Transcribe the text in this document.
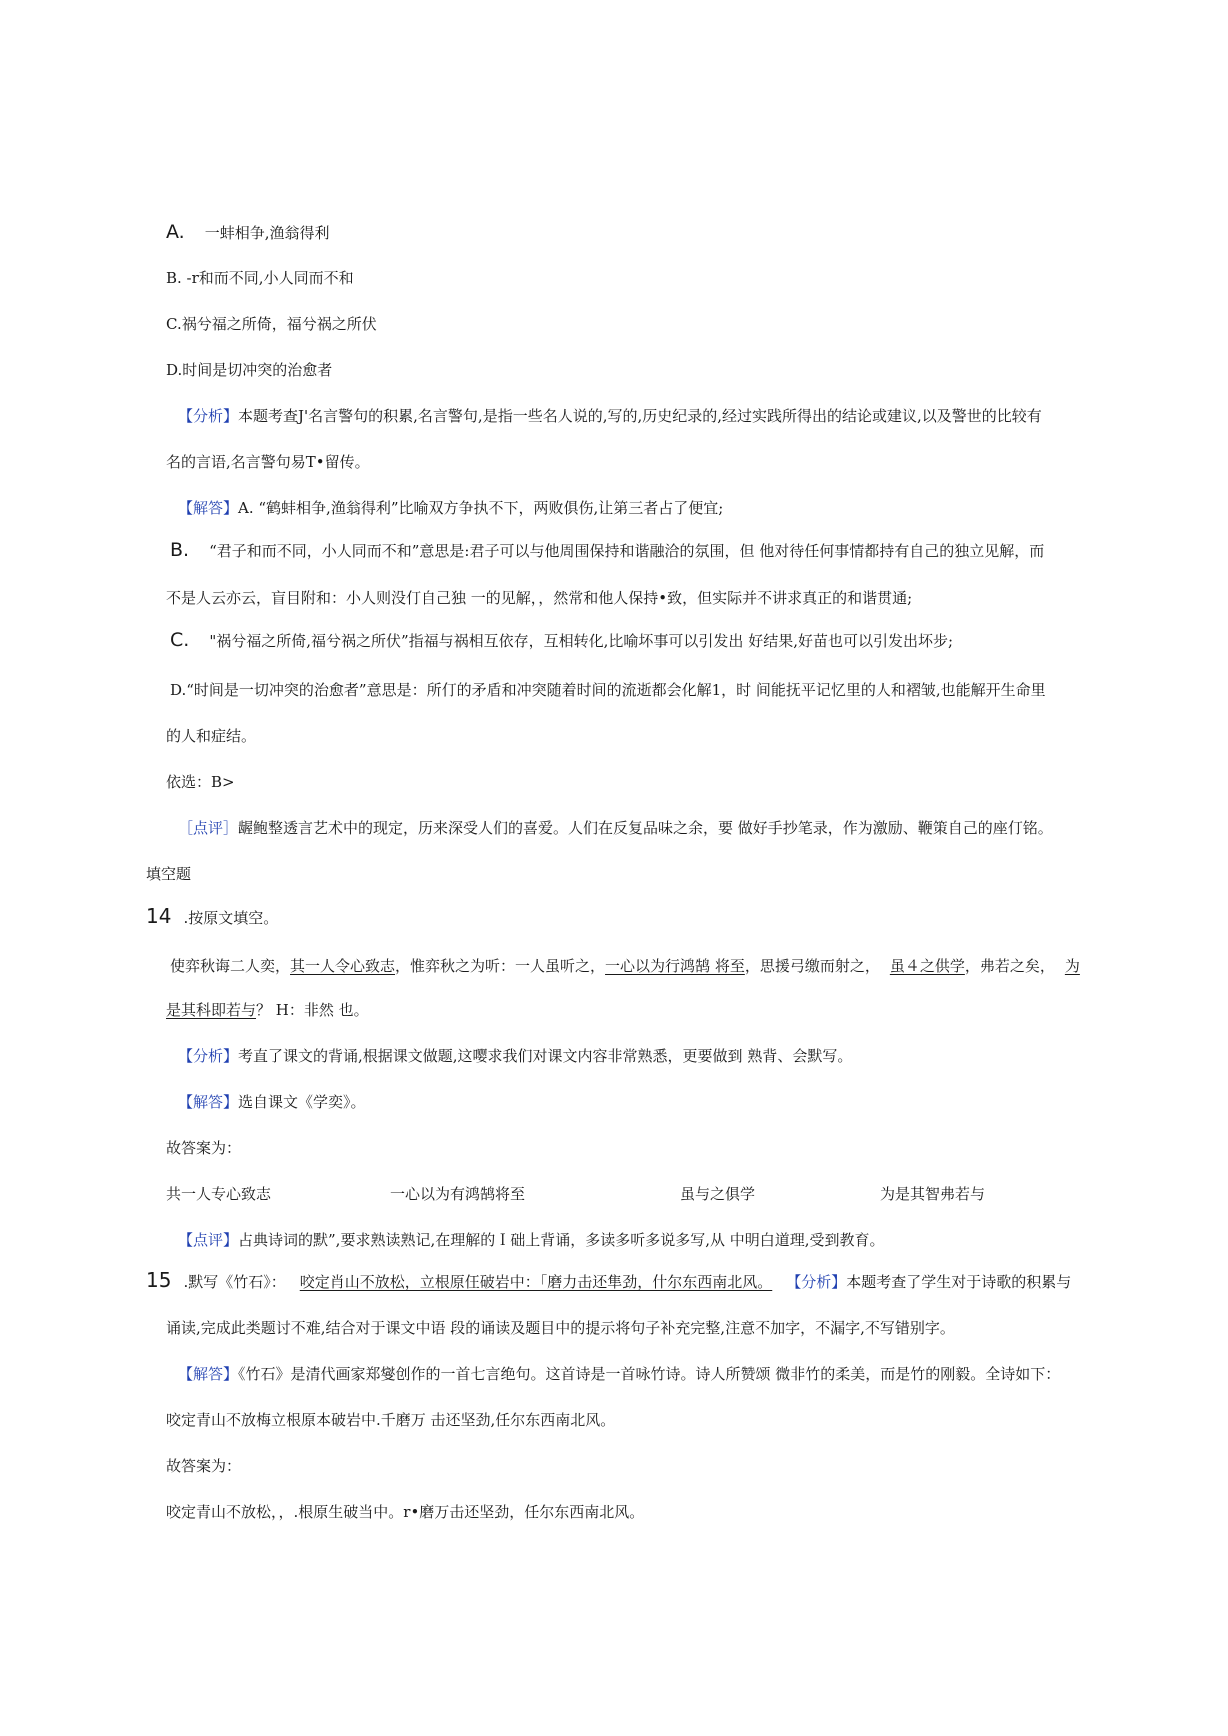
A. 一蚌相争,渔翁得利
B. -r和而不同,小人同而不和
C.祸兮福之所倚，福兮祸之所伏
D.时间是切冲突的治愈者
【分析】本题考查J'名言警句的积累,名言警句,是指一些名人说的,写的,历史纪录的,经过实践所得出的结论或建议,以及警世的比较有
名的言语,名言警句易T•留传。
【解答】A. “鹤蚌相争,渔翁得利”比喻双方争执不下，两败俱伤,让第三者占了便宜;
B. “君子和而不同，小人同而不和”意思是:君子可以与他周围保持和谐融洽的氛围，但 他对待任何事情都持有自己的独立见解，而
不是人云亦云，盲目附和：小人则没仃自己独 一的见解，，然常和他人保持•致，但实际并不讲求真正的和谐贯通;
C. "祸兮福之所倚,福兮祸之所伏”指福与祸相互依存，互相转化,比喻坏事可以引发出 好结果,好苗也可以引发出坏步;
D.“时间是一切冲突的治愈者”意思是：所仃的矛盾和冲突随着时间的流逝都会化解1，时 间能抚平记忆里的人和褶皱,也能解开生命里
的人和症结。
依选：B>
［点评］龌鲍整透言艺术中的现定，历来深受人们的喜爱。人们在反复品味之余，要 做好手抄笔录，作为激励、鞭策自己的座仃铭。
填空题
14 .按原文填空。
使弈秋诲二人奕，其一人令心致志，惟弈秋之为听：一人虽听之，一心以为行鸿鹄 将至，思援弓缴而射之， 虽４之供学，弗若之矣， 为
是其科即若与？ H：非然 也。
【分析】考直了课文的背诵,根据课文做题,这嘤求我们对课文内容非常熟悉，更要做到 熟背、会默写。
【解答】选自课文《学奕》。
故答案为：
共一人专心致志	一心以为有鸿鹄将至	虽与之俱学	为是其智弗若与
【点评】占典诗词的默”,要求熟读熟记,在理解的Ｉ础上背诵，多读多听多说多写,从 中明白道理,受到教育。
15 .默写《竹石》： 咬定肖山不放松，立根原仼破岩中：「磨力击还隼劲，什尔东西南北风。 【分析】本题考查了学生对于诗歌的积累与
诵读,完成此类题讨不难,结合对于课文中语 段的诵读及题目中的提示将句子补充完整,注意不加字，不漏字,不写错别字。
【解答】《竹石》是清代画家郑燮创作的一首七言绝句。这首诗是一首咏竹诗。诗人所赞颂 微非竹的柔美，而是竹的刚毅。全诗如下：
咬定青山不放梅立根原本破岩中.千磨万 击还坚劲,任尔东西南北风。
故答案为：
咬定青山不放松，，.根原生破当中。r•磨万击还坚劲，任尔东西南北风。
